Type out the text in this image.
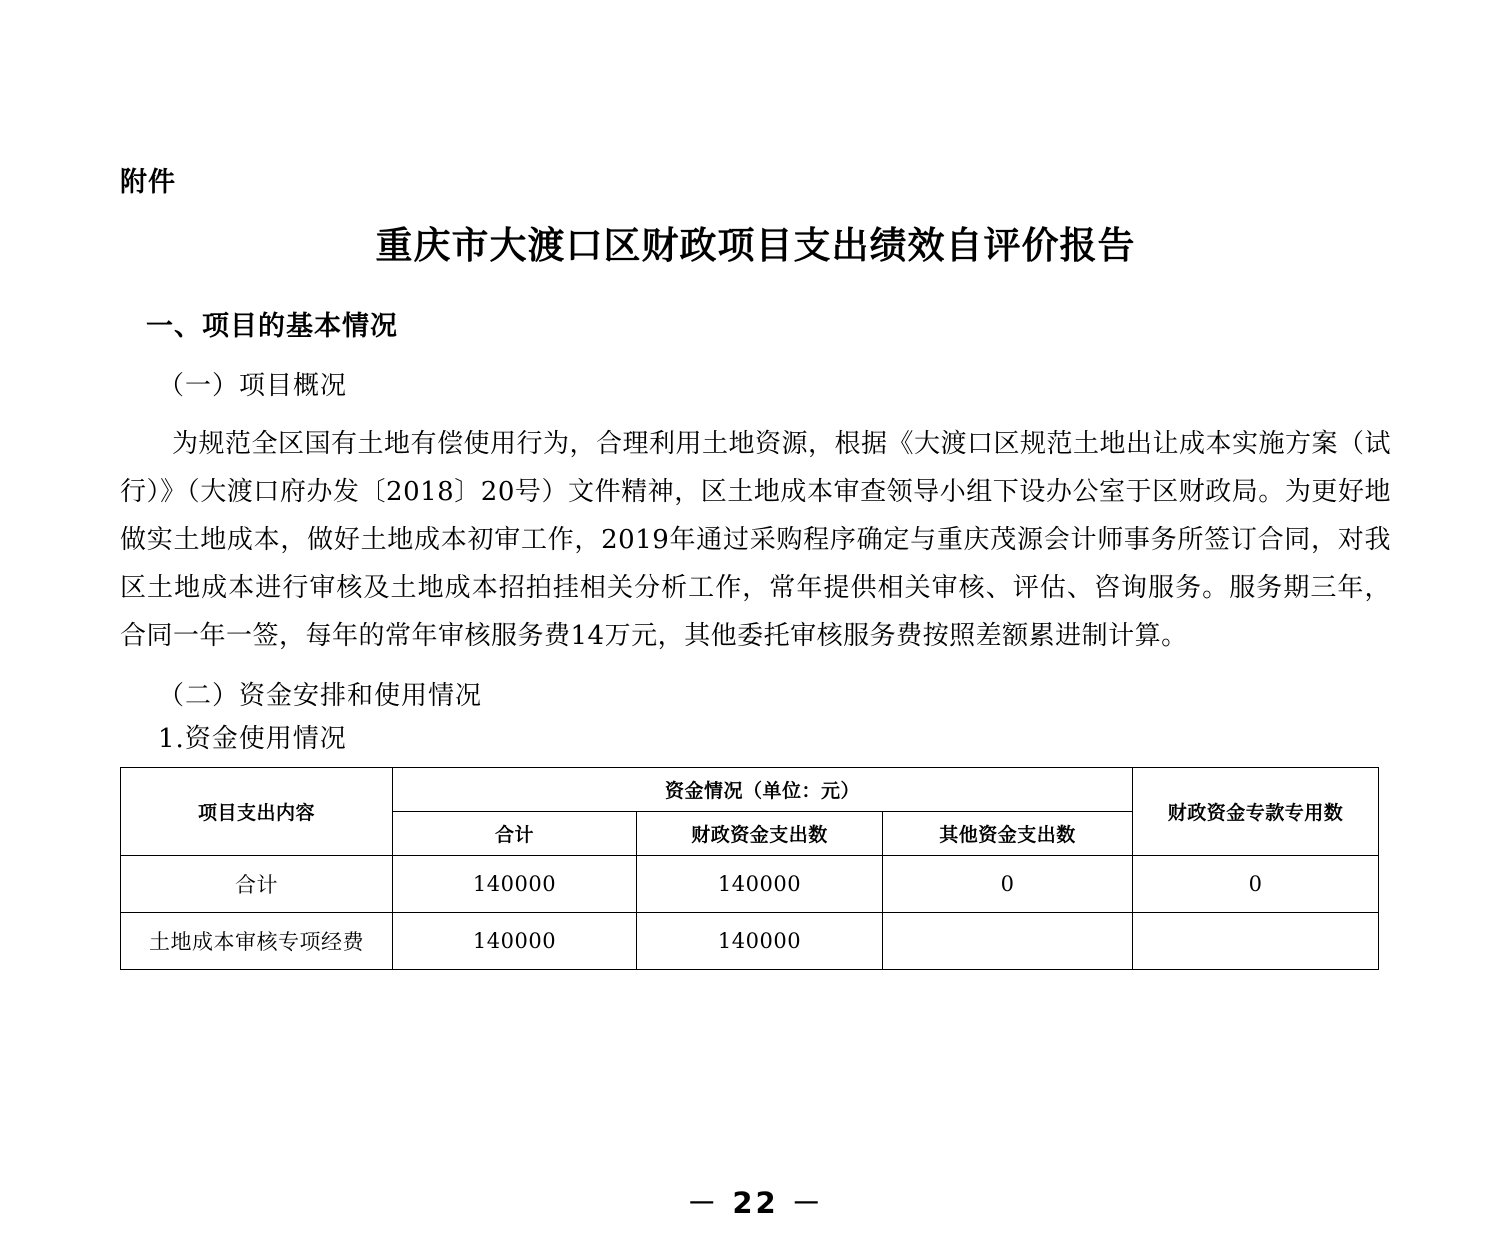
附件
重庆市大渡口区财政项目支出绩效自评价报告
一、项目的基本情况
（一）项目概况
为规范全区国有土地有偿使用行为，合理利用土地资源，根据《大渡口区规范土地出让成本实施方案（试行）》（大渡口府办发〔2018〕20号）文件精神，区土地成本审查领导小组下设办公室于区财政局。为更好地做实土地成本，做好土地成本初审工作，2019年通过采购程序确定与重庆茂源会计师事务所签订合同，对我区土地成本进行审核及土地成本招拍挂相关分析工作，常年提供相关审核、评估、咨询服务。服务期三年，合同一年一签，每年的常年审核服务费14万元，其他委托审核服务费按照差额累进制计算。
（二）资金安排和使用情况
1.资金使用情况
项目支出内容	资金情况（单位：元）			财政资金专款专用数
	合计	财政资金支出数	其他资金支出数	
合计	140000	140000	0	0
土地成本审核专项经费	140000	140000		
－ 22 －
